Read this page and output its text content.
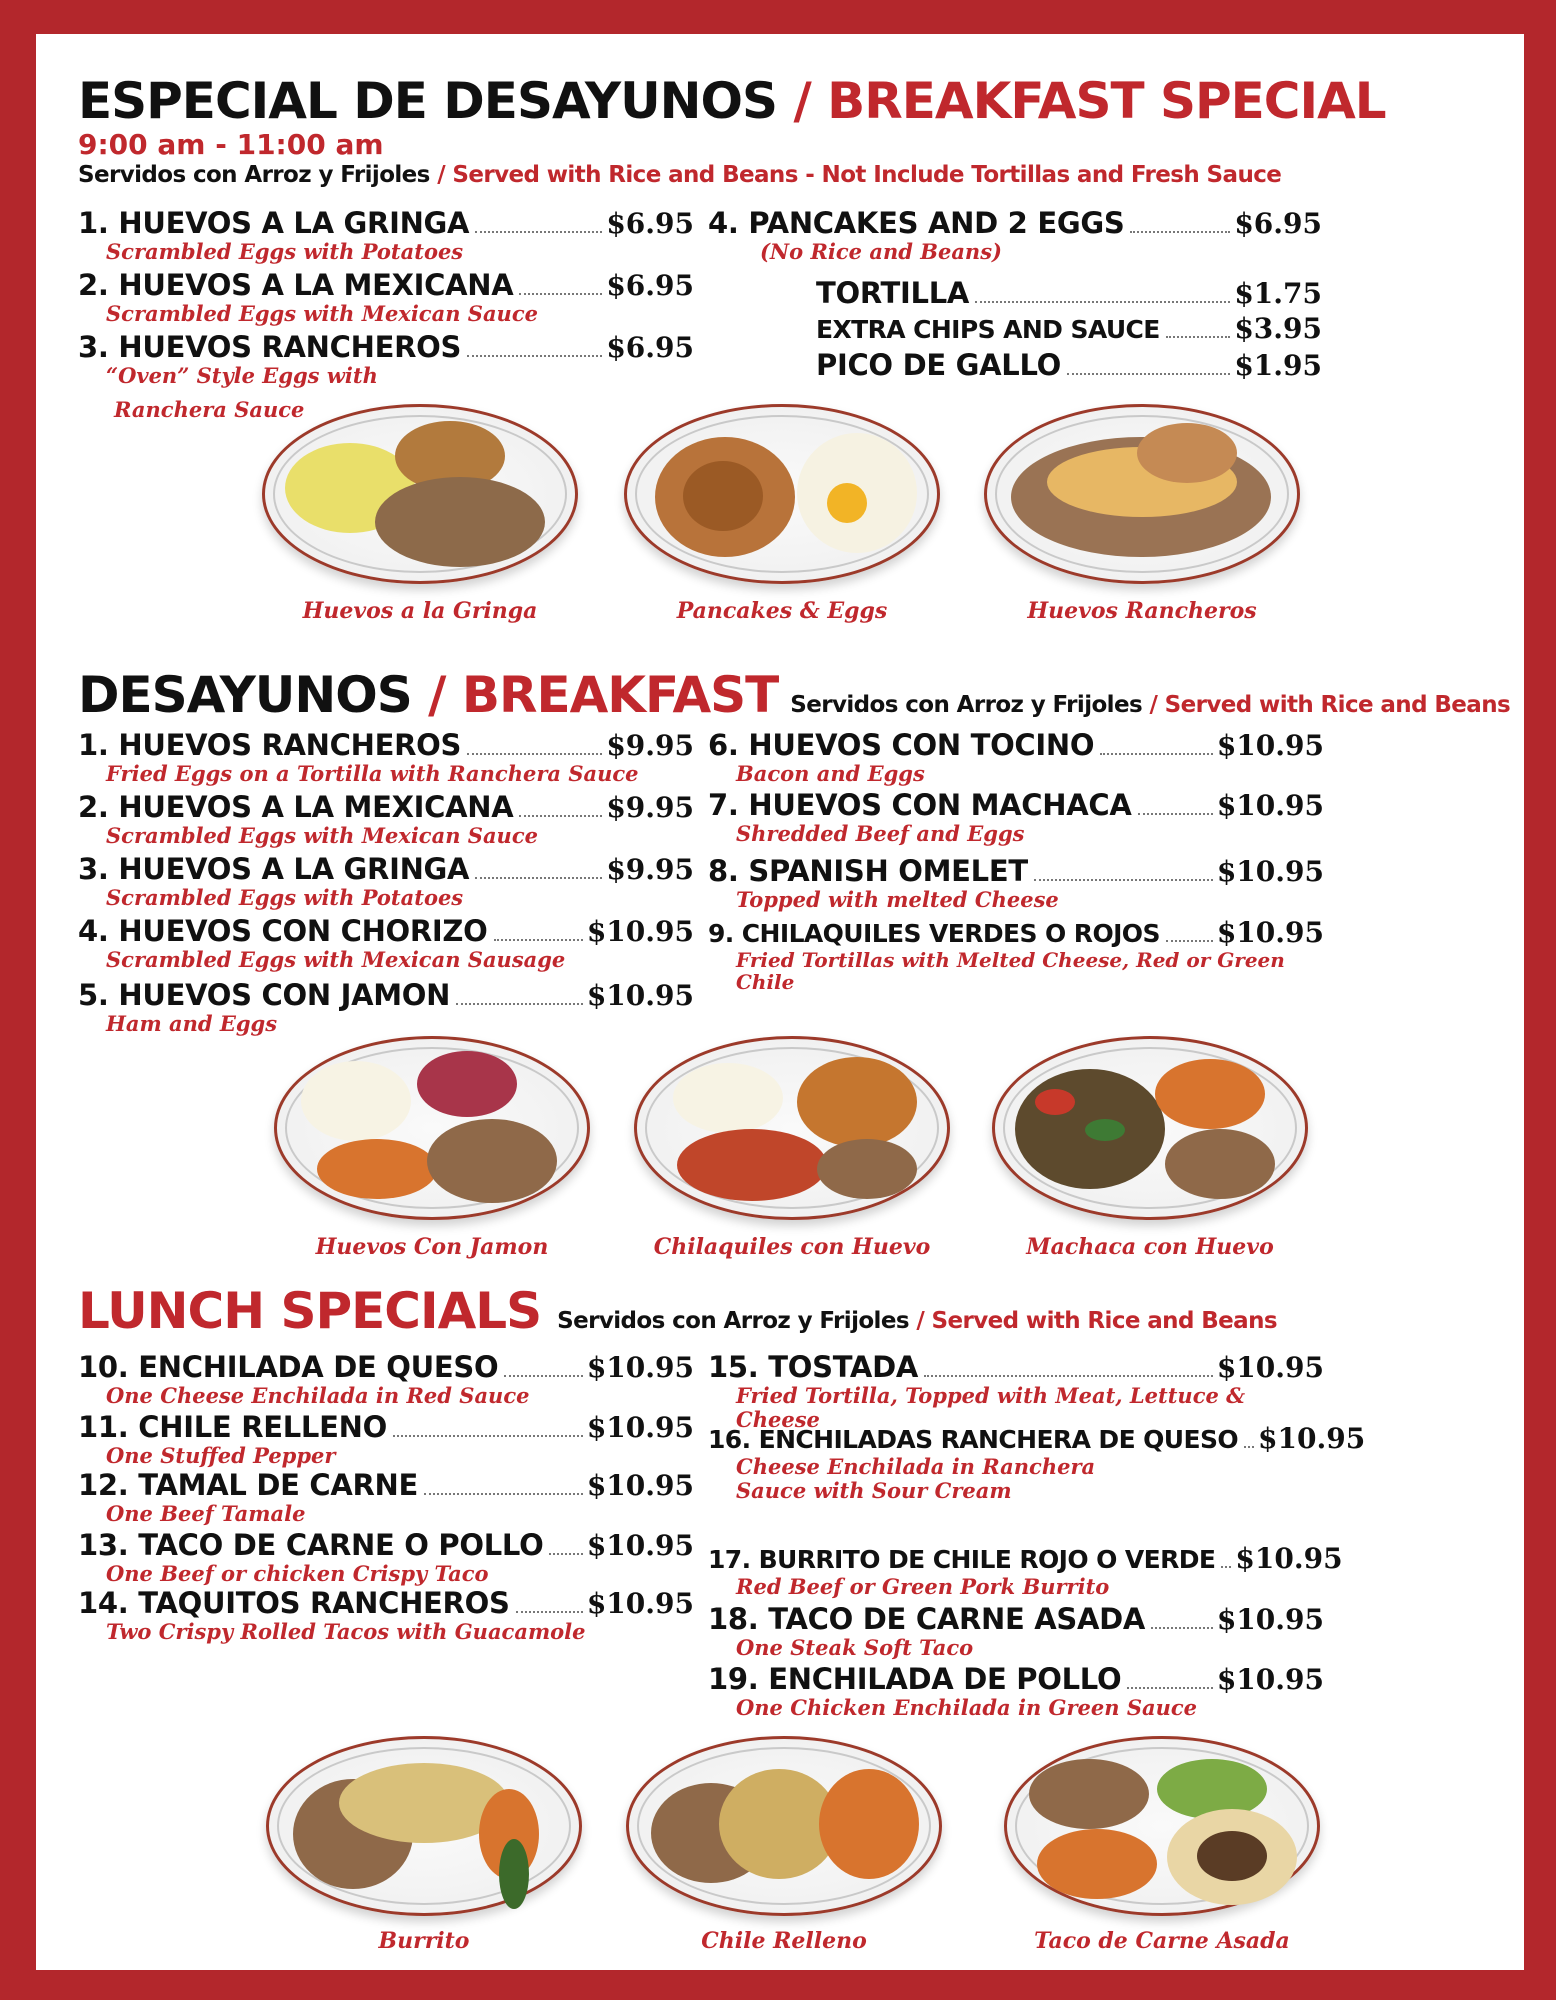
ESPECIAL DE DESAYUNOS / BREAKFAST SPECIAL
9:00 am - 11:00 am
Servidos con Arroz y Frijoles / Served with Rice and Beans - Not Include Tortillas and Fresh Sauce
1. HUEVOS A LA GRINGA	$6.95
Scrambled Eggs with Potatoes
2. HUEVOS A LA MEXICANA	$6.95
Scrambled Eggs with Mexican Sauce
3. HUEVOS RANCHEROS	$6.95
“Oven” Style Eggs with
Ranchera Sauce
4. PANCAKES AND 2 EGGS	$6.95
(No Rice and Beans)
TORTILLA	$1.75
EXTRA CHIPS AND SAUCE	$3.95
PICO DE GALLO	$1.95
Huevos a la Gringa	Pancakes & Eggs	Huevos Rancheros
DESAYUNOS / BREAKFAST Servidos con Arroz y Frijoles / Served with Rice and Beans
1. HUEVOS RANCHEROS	$9.95
Fried Eggs on a Tortilla with Ranchera Sauce
2. HUEVOS A LA MEXICANA	$9.95
Scrambled Eggs with Mexican Sauce
3. HUEVOS A LA GRINGA	$9.95
Scrambled Eggs with Potatoes
4. HUEVOS CON CHORIZO	$10.95
Scrambled Eggs with Mexican Sausage
5. HUEVOS CON JAMON	$10.95
Ham and Eggs
6. HUEVOS CON TOCINO	$10.95
Bacon and Eggs
7. HUEVOS CON MACHACA	$10.95
Shredded Beef and Eggs
8. SPANISH OMELET	$10.95
Topped with melted Cheese
9. CHILAQUILES VERDES O ROJOS $10.95
Fried Tortillas with Melted Cheese, Red or Green Chile
Huevos Con Jamon	Chilaquiles con Huevo	Machaca con Huevo
LUNCH SPECIALS Servidos con Arroz y Frijoles / Served with Rice and Beans
10. ENCHILADA DE QUESO	$10.95
One Cheese Enchilada in Red Sauce
11. CHILE RELLENO	$10.95
One Stuffed Pepper
12. TAMAL DE CARNE	$10.95
One Beef Tamale
13. TACO DE CARNE O POLLO $10.95
One Beef or chicken Crispy Taco
14. TAQUITOS RANCHEROS	$10.95
Two Crispy Rolled Tacos with Guacamole
15. TOSTADA	$10.95
Fried Tortilla, Topped with Meat, Lettuce & Cheese
16. ENCHILADAS RANCHERA DE QUESO $10.95
Cheese Enchilada in Ranchera Sauce with Sour Cream
17. BURRITO DE CHILE ROJO O VERDE $10.95
Red Beef or Green Pork Burrito
18. TACO DE CARNE ASADA	$10.95
One Steak Soft Taco
19. ENCHILADA DE POLLO	$10.95
One Chicken Enchilada in Green Sauce
Burrito	Chile Relleno	Taco de Carne Asada
